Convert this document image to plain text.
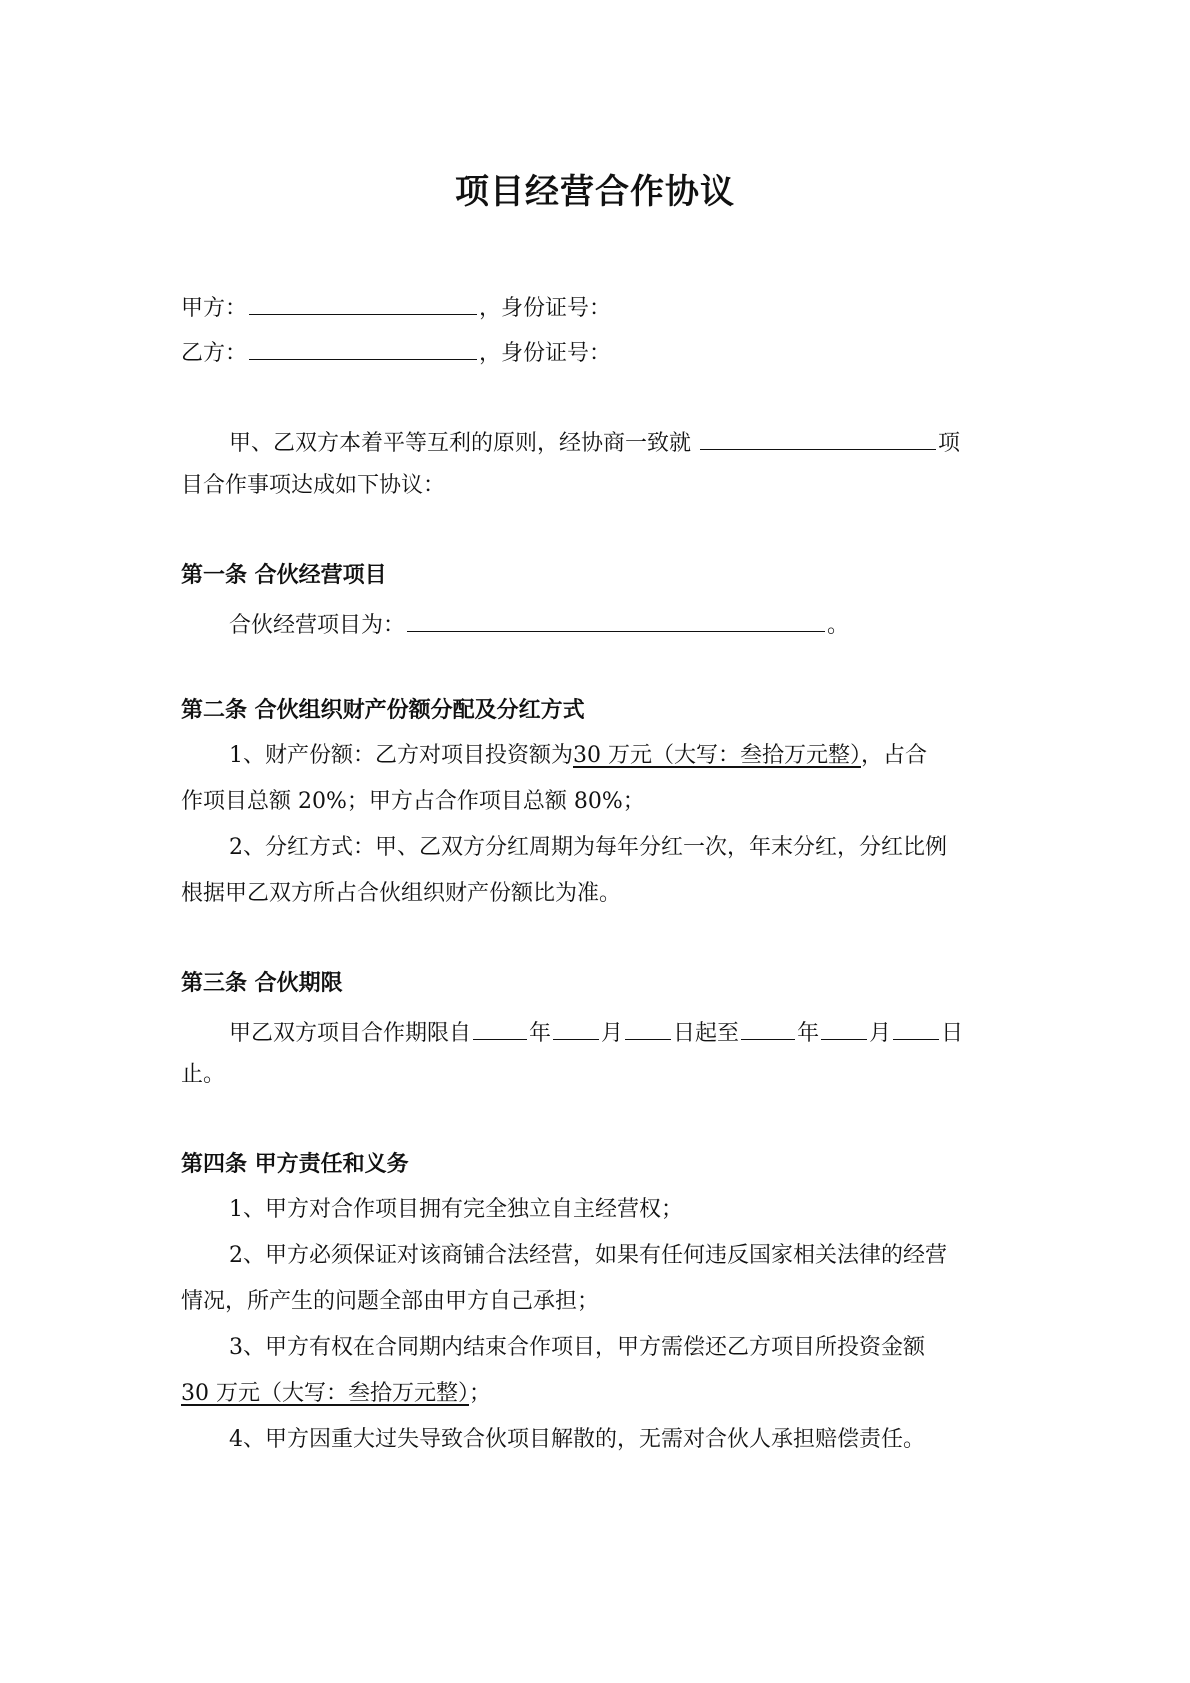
项目经营合作协议
甲方：	，身份证号：
乙方：	，身份证号：
甲、乙双方本着平等互利的原则，经协商一致就	项
目合作事项达成如下协议：
第一条 合伙经营项目
合伙经营项目为：	。
第二条 合伙组织财产份额分配及分红方式
1、财产份额：乙方对项目投资额为30 万元（大写：叁拾万元整），占合
作项目总额 20%；甲方占合作项目总额 80%；
2、分红方式：甲、乙双方分红周期为每年分红一次，年末分红，分红比例
根据甲乙双方所占合伙组织财产份额比为准。
第三条 合伙期限
甲乙双方项目合作期限自	年 月 日起至	年 月 日
止。
第四条 甲方责任和义务
1、甲方对合作项目拥有完全独立自主经营权；
2、甲方必须保证对该商铺合法经营，如果有任何违反国家相关法律的经营
情况，所产生的问题全部由甲方自己承担；
3、甲方有权在合同期内结束合作项目，甲方需偿还乙方项目所投资金额
30 万元（大写：叁拾万元整）；
4、甲方因重大过失导致合伙项目解散的，无需对合伙人承担赔偿责任。
